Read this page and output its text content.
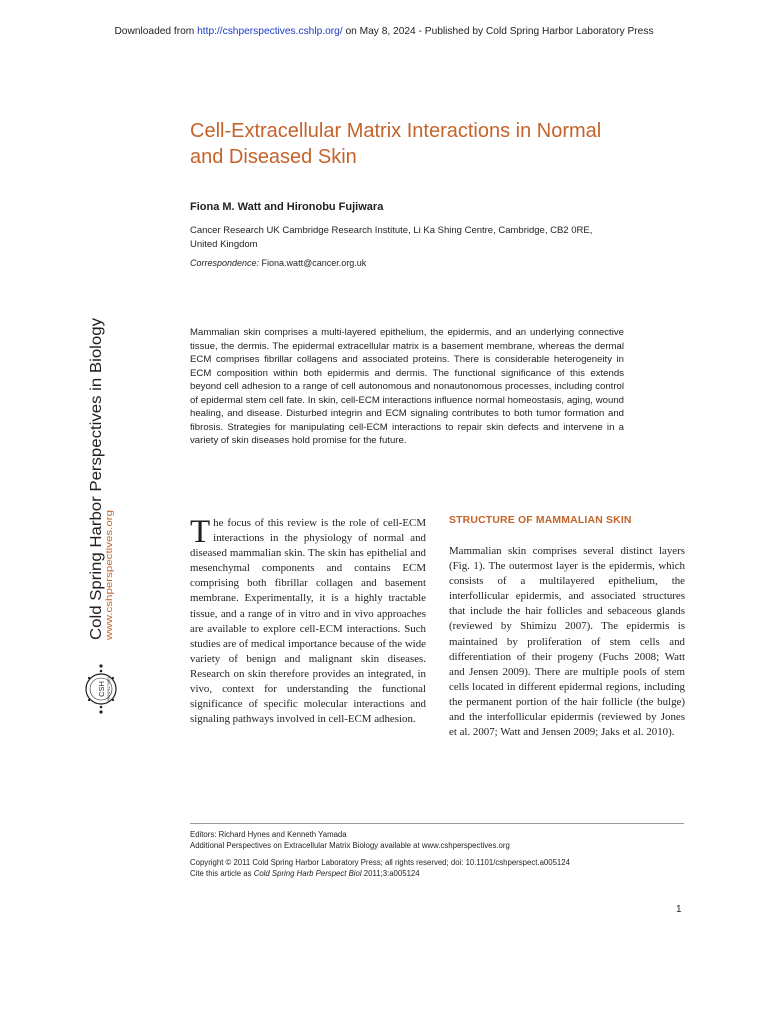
Downloaded from http://cshperspectives.cshlp.org/ on May 8, 2024 - Published by Cold Spring Harbor Laboratory Press
Cold Spring Harbor Perspectives in Biology www.cshperspectives.org
CSH PERSPECTIVES
Cell-Extracellular Matrix Interactions in Normal
and Diseased Skin
Fiona M. Watt and Hironobu Fujiwara
Cancer Research UK Cambridge Research Institute, Li Ka Shing Centre, Cambridge, CB2 0RE,
United Kingdom
Correspondence: Fiona.watt@cancer.org.uk
Mammalian skin comprises a multi-layered epithelium, the epidermis, and an underlying connective tissue, the dermis. The epidermal extracellular matrix is a basement membrane, whereas the dermal ECM comprises fibrillar collagens and associated proteins. There is considerable heterogeneity in ECM composition within both epidermis and dermis. The functional significance of this extends beyond cell adhesion to a range of cell autonomous and nonautonomous processes, including control of epidermal stem cell fate. In skin, cell-ECM interactions influence normal homeostasis, aging, wound healing, and disease. Disturbed integrin and ECM signaling contributes to both tumor formation and fibrosis. Strategies for manipulating cell-ECM interactions to repair skin defects and intervene in a variety of skin diseases hold promise for the future.
The focus of this review is the role of cell-ECM interactions in the physiology of normal and diseased mammalian skin. The skin has epithelial and mesenchymal components and contains ECM comprising both fibrillar collagen and basement membrane. Experimentally, it is a highly tractable tissue, and a range of in vitro and in vivo approaches are available to explore cell-ECM interactions. Such studies are of medical importance because of the wide variety of benign and malignant skin diseases. Research on skin therefore provides an integrated, in vivo, context for understanding the functional significance of specific molecular interactions and signaling pathways involved in cell-ECM adhesion.
STRUCTURE OF MAMMALIAN SKIN
Mammalian skin comprises several distinct layers (Fig. 1). The outermost layer is the epidermis, which consists of a multilayered epithelium, the interfollicular epidermis, and associated structures that include the hair follicles and sebaceous glands (reviewed by Shimizu 2007). The epidermis is maintained by proliferation of stem cells and differentiation of their progeny (Fuchs 2008; Watt and Jensen 2009). There are multiple pools of stem cells located in different epidermal regions, including the permanent portion of the hair follicle (the bulge) and the interfollicular epidermis (reviewed by Jones et al. 2007; Watt and Jensen 2009; Jaks et al. 2010).
Editors: Richard Hynes and Kenneth Yamada
Additional Perspectives on Extracellular Matrix Biology available at www.cshperspectives.org
Copyright © 2011 Cold Spring Harbor Laboratory Press; all rights reserved; doi: 10.1101/cshperspect.a005124
Cite this article as Cold Spring Harb Perspect Biol 2011;3:a005124
1
